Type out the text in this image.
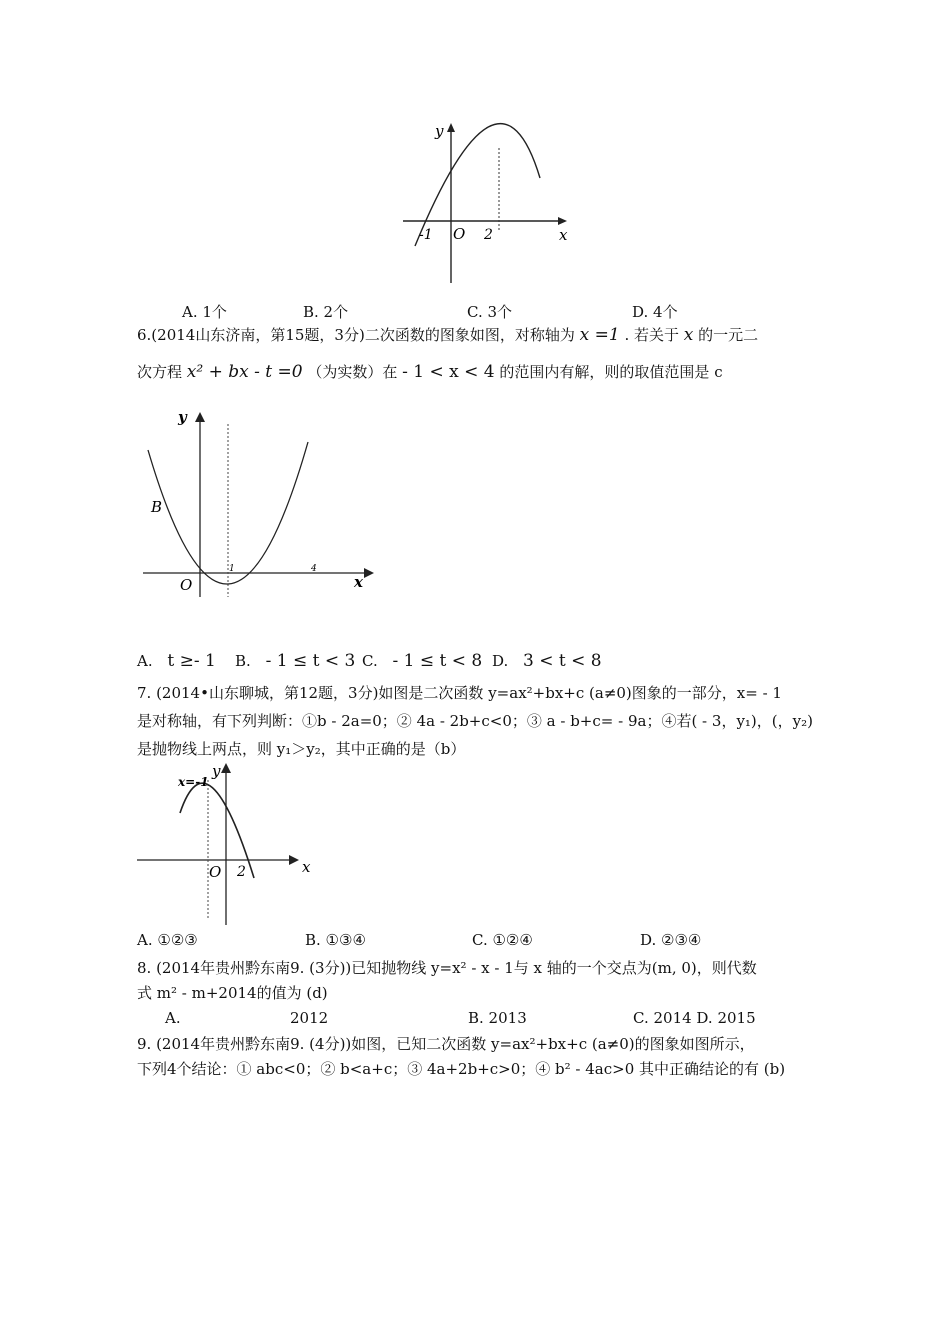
y
x
O
-1	2
A. 1个	B. 2个	C. 3个	D. 4个
6.(2014山东济南，第15题，3分)二次函数的图象如图，对称轴为 x =1 . 若关于 x 的一元二
次方程 x² + bx - t =0 （为实数）在 - 1 < x < 4 的范围内有解，则的取值范围是 c
y
x
O
B
1	4
A. t ≥- 1 B. - 1 ≤ t < 3 C. - 1 ≤ t < 8 D. 3 < t < 8
7. (2014•山东聊城，第12题，3分)如图是二次函数 y=ax²+bx+c (a≠0)图象的一部分，x= - 1
是对称轴，有下列判断：①b - 2a=0；② 4a - 2b+c<0；③ a - b+c= - 9a；④若( - 3，y₁)，(，y₂)
是抛物线上两点，则 y₁＞y₂，其中正确的是（b）
x=-1
y
x
O 2
A. ①②③	B. ①③④	C. ①②④	D. ②③④
8. (2014年贵州黔东南9. (3分))已知抛物线 y=x² - x - 1与 x 轴的一个交点为(m, 0)，则代数
式 m² - m+2014的值为 (d)
A.	2012	B. 2013	C. 2014 D. 2015
9. (2014年贵州黔东南9. (4分))如图，已知二次函数 y=ax²+bx+c (a≠0)的图象如图所示，
下列4个结论：① abc<0；② b<a+c；③ 4a+2b+c>0；④ b² - 4ac>0 其中正确结论的有 (b)
